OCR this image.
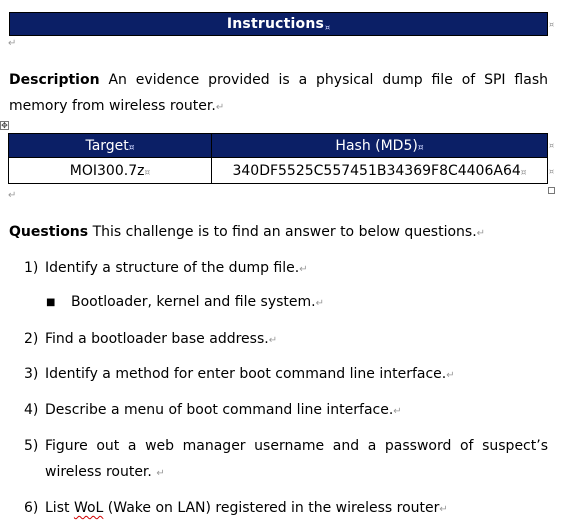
Instructions ¤	¤
↵

Description An evidence provided is a physical dump file of SPI flash memory from wireless router.↵

✥
Target¤	Hash (MD5)¤
MOI300.7z¤	340DF5525C557451B34369F8C4406A64¤
¤
¤
↵

Questions This challenge is to find an answer to below questions.↵

1) Identify a structure of the dump file.↵
■ Bootloader, kernel and file system.↵
2) Find a bootloader base address.↵
3) Identify a method for enter boot command line interface.↵
4) Describe a menu of boot command line interface.↵
5) Figure out a web manager username and a password of suspect’s wireless router. ↵
6) List WoL (Wake on LAN) registered in the wireless router↵
